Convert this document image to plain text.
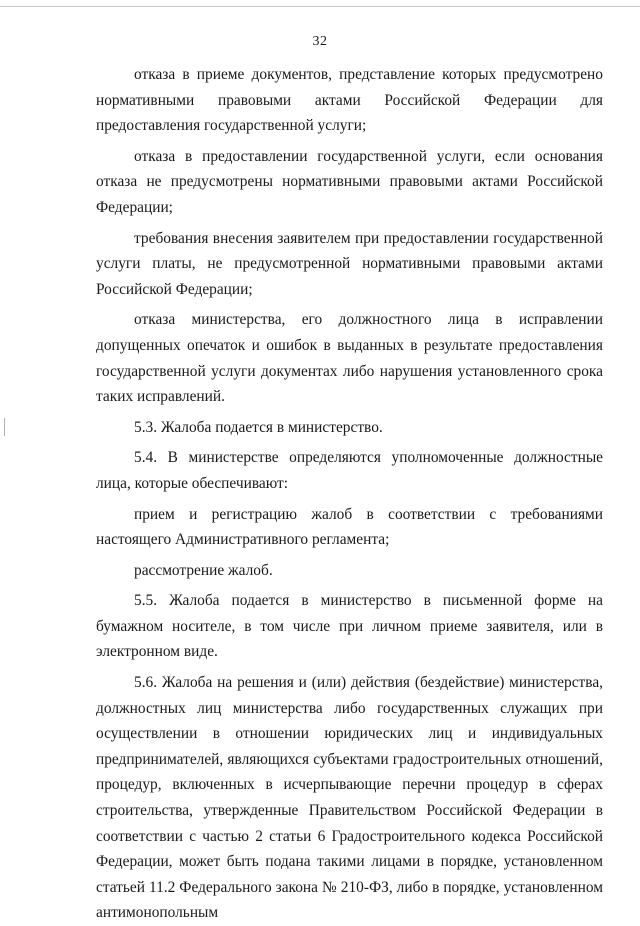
32

отказа в приеме документов, представление которых предусмотрено нормативными правовыми актами Российской Федерации для предоставления государственной услуги;

отказа в предоставлении государственной услуги, если основания отказа не предусмотрены нормативными правовыми актами Российской Федерации;

требования внесения заявителем при предоставлении государственной услуги платы, не предусмотренной нормативными правовыми актами Российской Федерации;

отказа министерства, его должностного лица в исправлении допущенных опечаток и ошибок в выданных в результате предоставления государственной услуги документах либо нарушения установленного срока таких исправлений.

5.3. Жалоба подается в министерство.

5.4. В министерстве определяются уполномоченные должностные лица, которые обеспечивают:

прием и регистрацию жалоб в соответствии с требованиями настоящего Административного регламента;

рассмотрение жалоб.

5.5. Жалоба подается в министерство в письменной форме на бумажном носителе, в том числе при личном приеме заявителя, или в электронном виде.

5.6. Жалоба на решения и (или) действия (бездействие) министерства, должностных лиц министерства либо государственных служащих при осуществлении в отношении юридических лиц и индивидуальных предпринимателей, являющихся субъектами градостроительных отношений, процедур, включенных в исчерпывающие перечни процедур в сферах строительства, утвержденные Правительством Российской Федерации в соответствии с частью 2 статьи 6 Градостроительного кодекса Российской Федерации, может быть подана такими лицами в порядке, установленном статьей 11.2 Федерального закона № 210-ФЗ, либо в порядке, установленном антимонопольным
